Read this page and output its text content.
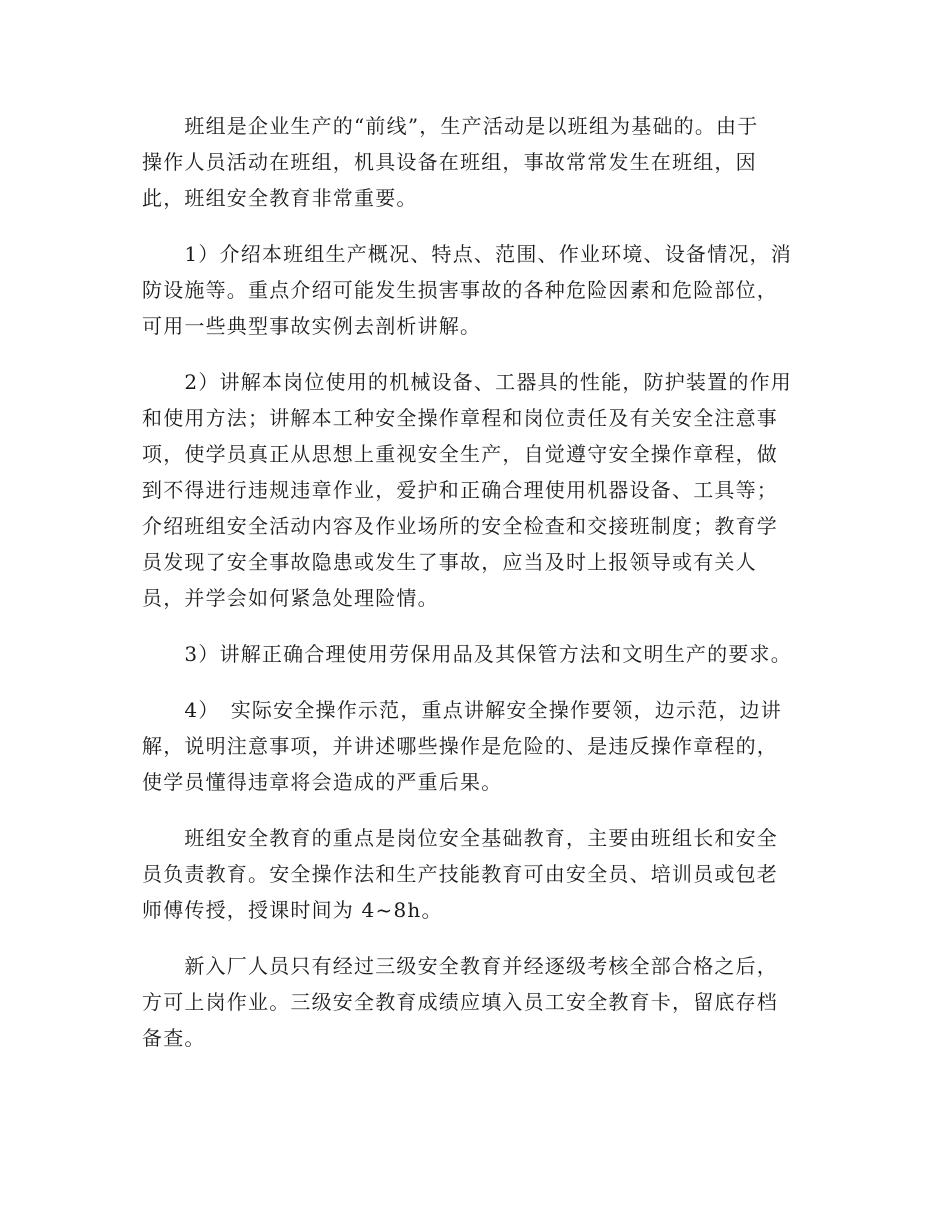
　　班组是企业生产的“前线”，生产活动是以班组为基础的。由于
操作人员活动在班组，机具设备在班组，事故常常发生在班组，因
此，班组安全教育非常重要。

　　1）介绍本班组生产概况、特点、范围、作业环境、设备情况，消
防设施等。重点介绍可能发生损害事故的各种危险因素和危险部位，
可用一些典型事故实例去剖析讲解。

　　2）讲解本岗位使用的机械设备、工器具的性能，防护装置的作用
和使用方法；讲解本工种安全操作章程和岗位责任及有关安全注意事
项，使学员真正从思想上重视安全生产，自觉遵守安全操作章程，做
到不得进行违规违章作业，爱护和正确合理使用机器设备、工具等；
介绍班组安全活动内容及作业场所的安全检查和交接班制度；教育学
员发现了安全事故隐患或发生了事故，应当及时上报领导或有关人
员，并学会如何紧急处理险情。

　　3）讲解正确合理使用劳保用品及其保管方法和文明生产的要求。

　　4）　实际安全操作示范，重点讲解安全操作要领，边示范，边讲
解，说明注意事项，并讲述哪些操作是危险的、是违反操作章程的，
使学员懂得违章将会造成的严重后果。

　　班组安全教育的重点是岗位安全基础教育，主要由班组长和安全
员负责教育。安全操作法和生产技能教育可由安全员、培训员或包老
师傅传授，授课时间为 4~8h。

　　新入厂人员只有经过三级安全教育并经逐级考核全部合格之后，
方可上岗作业。三级安全教育成绩应填入员工安全教育卡，留底存档
备查。
